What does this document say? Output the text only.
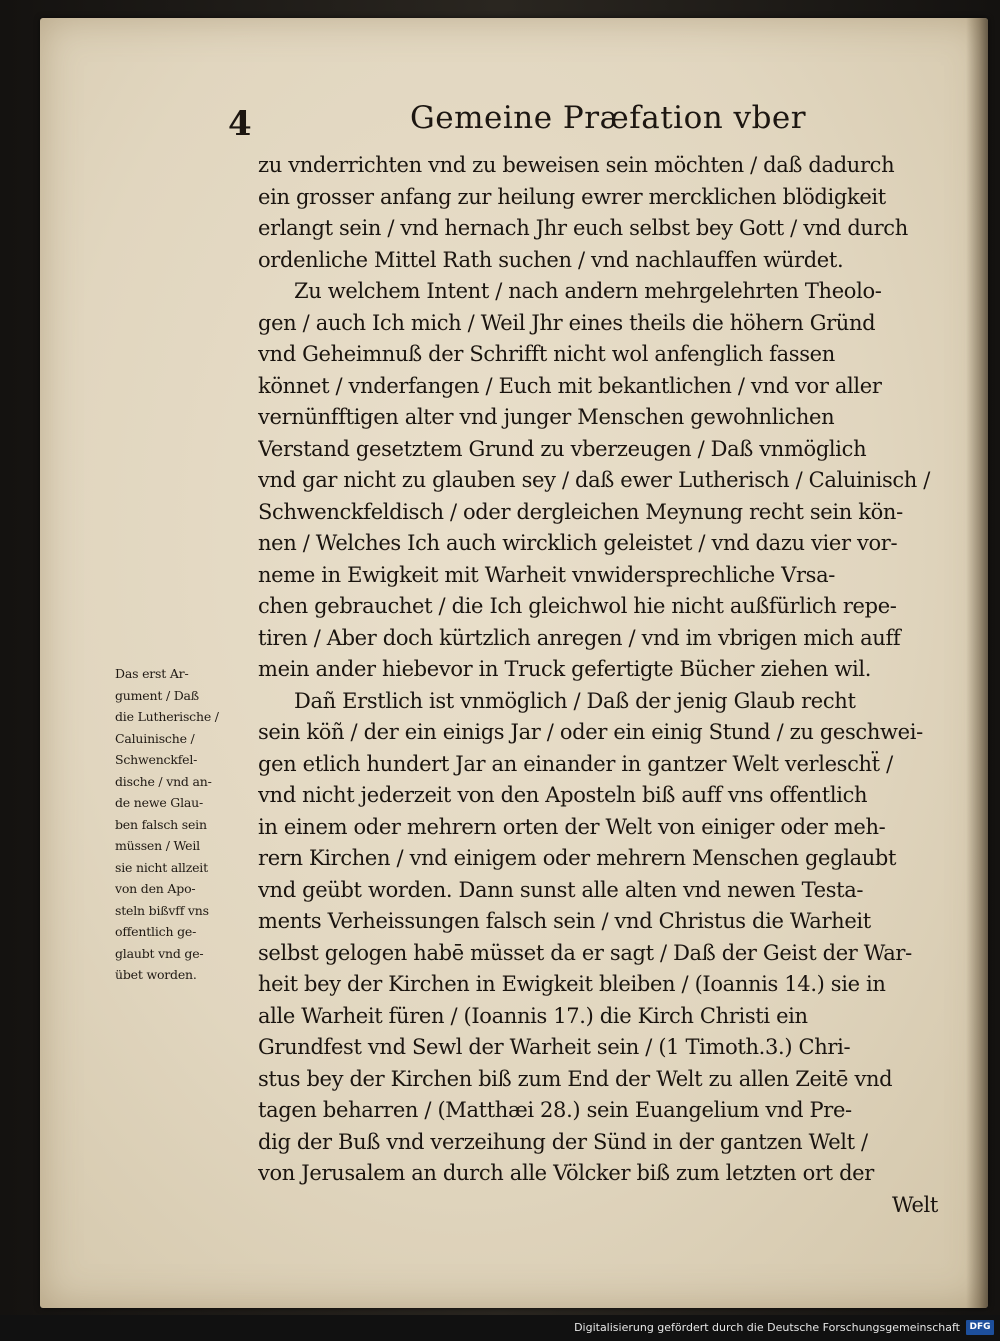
4	Gemeine Præfation vber
Das erst Ar-
gument / Daß
die Lutherische /
Caluinische /
Schwenckfel-
dische / vnd an-
de newe Glau-
ben falsch sein
müssen / Weil
sie nicht allzeit
von den Apo-
steln bißvff vns
offentlich ge-
glaubt vnd ge-
übet worden.
zu vnderrichten vnd zu beweisen sein möchten / daß dadurch
ein grosser anfang zur heilung ewrer mercklichen blödigkeit
erlangt sein / vnd hernach Jhr euch selbst bey Gott / vnd durch
ordenliche Mittel Rath suchen / vnd nachlauffen würdet.
Zu welchem Intent / nach andern mehrgelehrten Theolo-
gen / auch Ich mich / Weil Jhr eines theils die höhern Gründ
vnd Geheimnuß der Schrifft nicht wol anfenglich fassen
könnet / vnderfangen / Euch mit bekantlichen / vnd vor aller
vernünfftigen alter vnd junger Menschen gewohnlichen
Verstand gesetztem Grund zu vberzeugen / Daß vnmöglich
vnd gar nicht zu glauben sey / daß ewer Lutherisch / Caluinisch /
Schwenckfeldisch / oder dergleichen Meynung recht sein kön-
nen / Welches Ich auch wircklich geleistet / vnd dazu vier vor-
neme in Ewigkeit mit Warheit vnwidersprechliche Vrsa-
chen gebrauchet / die Ich gleichwol hie nicht außfürlich repe-
tiren / Aber doch kürtzlich anregen / vnd im vbrigen mich auff
mein ander hiebevor in Truck gefertigte Bücher ziehen wil.
Dañ Erstlich ist vnmöglich / Daß der jenig Glaub recht
sein köñ / der ein einigs Jar / oder ein einig Stund / zu geschwei-
gen etlich hundert Jar an einander in gantzer Welt verleschẗ /
vnd nicht jederzeit von den Aposteln biß auff vns offentlich
in einem oder mehrern orten der Welt von einiger oder meh-
rern Kirchen / vnd einigem oder mehrern Menschen geglaubt
vnd geübt worden. Dann sunst alle alten vnd newen Testa-
ments Verheissungen falsch sein / vnd Christus die Warheit
selbst gelogen habē müsset da er sagt / Daß der Geist der War-
heit bey der Kirchen in Ewigkeit bleiben / (Ioannis 14.) sie in
alle Warheit füren / (Ioannis 17.) die Kirch Christi ein
Grundfest vnd Sewl der Warheit sein / (1 Timoth.3.) Chri-
stus bey der Kirchen biß zum End der Welt zu allen Zeitē vnd
tagen beharren / (Matthæi 28.) sein Euangelium vnd Pre-
dig der Buß vnd verzeihung der Sünd in der gantzen Welt /
von Jerusalem an durch alle Völcker biß zum letzten ort der
Welt
Digitalisierung gefördert durch die Deutsche Forschungsgemeinschaft	DFG
